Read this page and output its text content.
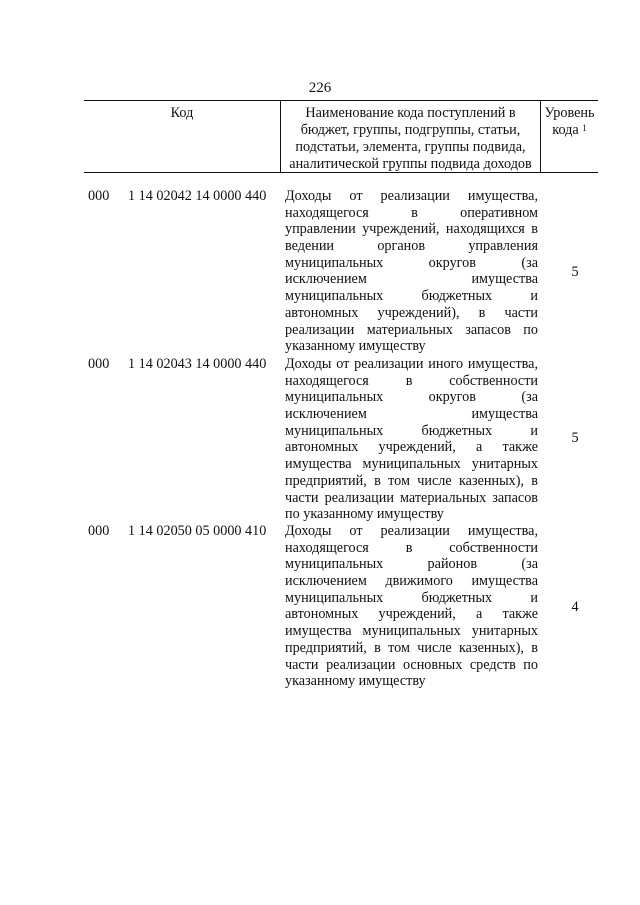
226
Код	Наименование кода поступлений в
бюджет, группы, подгруппы, статьи,
подстатьи, элемента, группы подвида,
аналитической группы подвида доходов
Уровень
кода $^1$
000 1 14 02042 14 0000 440 Доходы от реализации имущества,
находящегося в оперативном
управлении учреждений, находящихся в
ведении органов управления
муниципальных округов (за
исключением имущества
муниципальных бюджетных и
автономных учреждений), в части
реализации материальных запасов по
указанному имуществу
5
000 1 14 02043 14 0000 440 Доходы от реализации иного имущества,
находящегося в собственности
муниципальных округов (за
исключением имущества
муниципальных бюджетных и
автономных учреждений, а также
имущества муниципальных унитарных
предприятий, в том числе казенных), в
части реализации материальных запасов
по указанному имуществу
5
000 1 14 02050 05 0000 410 Доходы от реализации имущества,
находящегося в собственности
муниципальных районов (за
исключением движимого имущества
муниципальных бюджетных и
автономных учреждений, а также
имущества муниципальных унитарных
предприятий, в том числе казенных), в
части реализации основных средств по
указанному имуществу
4
